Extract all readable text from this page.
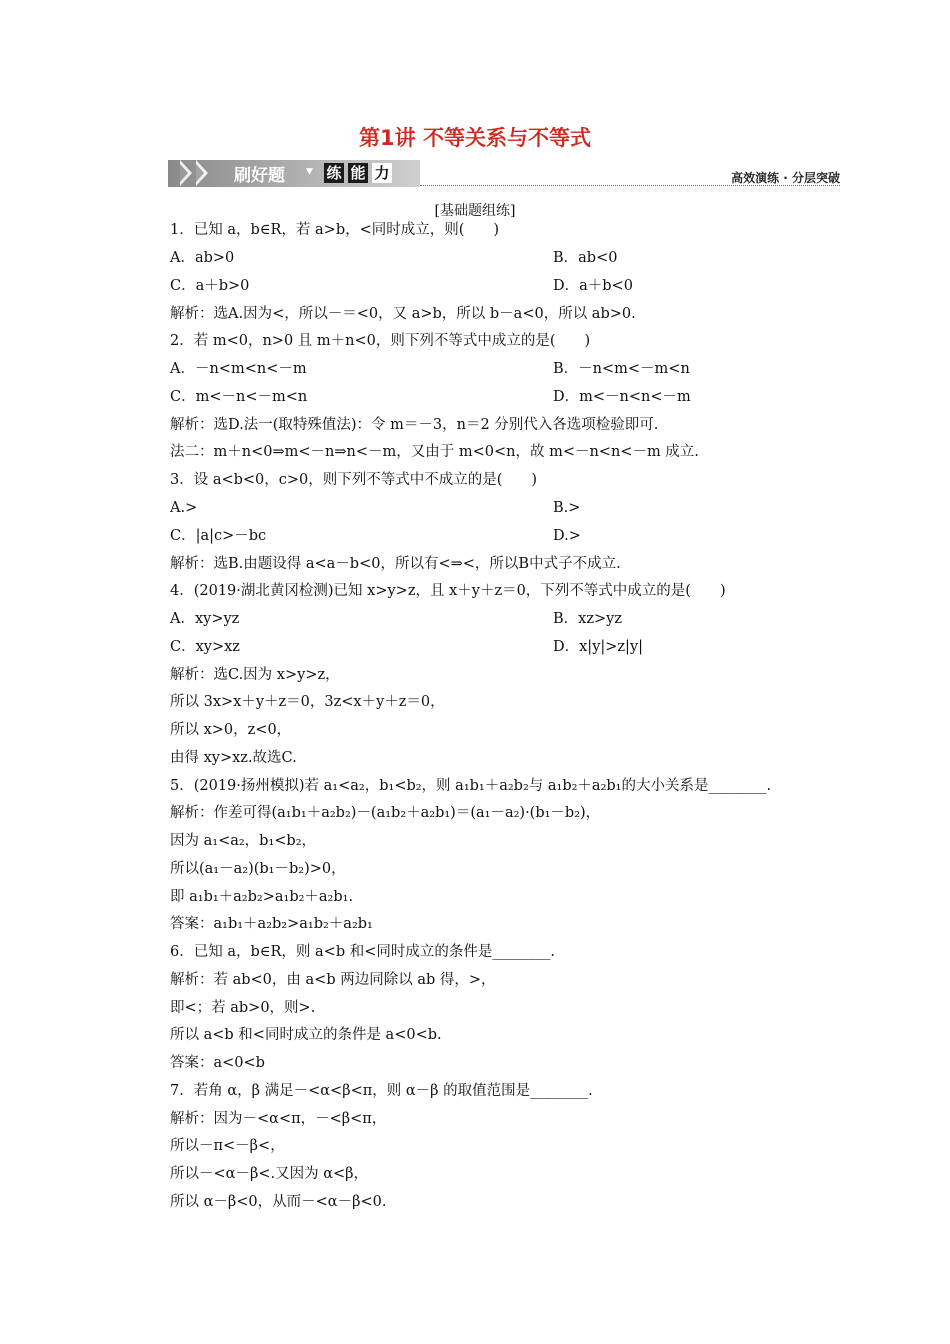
第1讲 不等关系与不等式
刷好题 ▼ 练 能 力	高效演练 · 分层突破
[基础题组练]
1．已知 a，b∈R，若 a>b，<同时成立，则(　　)
A．ab>0	B．ab<0
C．a＋b>0	D．a＋b<0
解析：选A.因为<，所以－＝<0，又 a>b，所以 b－a<0，所以 ab>0.
2．若 m<0，n>0 且 m＋n<0，则下列不等式中成立的是(　　)
A．－n<m<n<－m	B．－n<m<－m<n
C．m<－n<－m<n	D．m<－n<n<－m
解析：选D.法一(取特殊值法)：令 m＝－3，n＝2 分别代入各选项检验即可.
法二：m＋n<0⇒m<－n⇒n<－m，又由于 m<0<n，故 m<－n<n<－m 成立.
3．设 a<b<0，c>0，则下列不等式中不成立的是(　　)
A.>	B.>
C．|a|c>－bc	D.>
解析：选B.由题设得 a<a－b<0，所以有<⇒<，所以B中式子不成立.
4．(2019·湖北黄冈检测)已知 x>y>z，且 x＋y＋z＝0，下列不等式中成立的是(　　)
A．xy>yz	B．xz>yz
C．xy>xz	D．x|y|>z|y|
解析：选C.因为 x>y>z，
所以 3x>x＋y＋z＝0，3z<x＋y＋z＝0，
所以 x>0，z<0，
由得 xy>xz.故选C.
5．(2019·扬州模拟)若 a₁<a₂，b₁<b₂，则 a₁b₁＋a₂b₂与 a₁b₂＋a₂b₁的大小关系是________.
解析：作差可得(a₁b₁＋a₂b₂)－(a₁b₂＋a₂b₁)＝(a₁－a₂)·(b₁－b₂)，
因为 a₁<a₂，b₁<b₂，
所以(a₁－a₂)(b₁－b₂)>0，
即 a₁b₁＋a₂b₂>a₁b₂＋a₂b₁.
答案：a₁b₁＋a₂b₂>a₁b₂＋a₂b₁
6．已知 a，b∈R，则 a<b 和<同时成立的条件是________.
解析：若 ab<0，由 a<b 两边同除以 ab 得，>，
即<；若 ab>0，则>.
所以 a<b 和<同时成立的条件是 a<0<b.
答案：a<0<b
7．若角 α，β 满足－<α<β<π，则 α－β 的取值范围是________.
解析：因为－<α<π，－<β<π，
所以－π<－β<，
所以－<α－β<.又因为 α<β，
所以 α－β<0，从而－<α－β<0.
